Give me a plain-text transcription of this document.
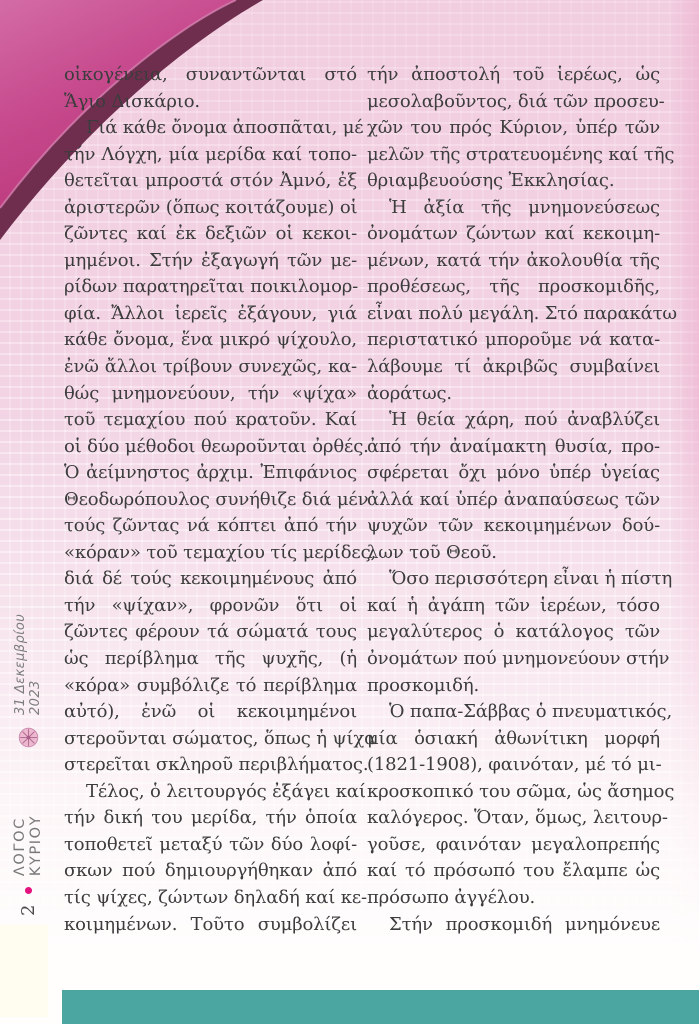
2
ΛΟΓΟC ΚΥΡΙΟΥ
31 Δεκεμβρίου 2023
οἰκογένεια, συναντῶνται στό
Ἅγιο Δισκάριο.
Γιά κάθε ὄνομα ἀποσπᾶται, μέ
τήν Λόγχη, μία μερίδα καί τοπο-
θετεῖται μπροστά στόν Ἀμνό, ἐξ
ἀριστερῶν (ὅπως κοιτάζουμε) οἱ
ζῶντες καί ἐκ δεξιῶν οἱ κεκοι-
μημένοι. Στήν ἐξαγωγή τῶν με-
ρίδων παρατηρεῖται ποικιλομορ-
φία. Ἄλλοι ἱερεῖς ἐξάγουν, γιά
κάθε ὄνομα, ἕνα μικρό ψίχουλο,
ἐνῶ ἄλλοι τρίβουν συνεχῶς, κα-
θώς μνημονεύουν, τήν «ψίχα»
τοῦ τεμαχίου πού κρατοῦν. Καί
οἱ δύο μέθοδοι θεωροῦνται ὀρθές.
Ὁ ἀείμνηστος ἀρχιμ. Ἐπιφάνιος
Θεοδωρόπουλος συνήθιζε διά μέν
τούς ζῶντας νά κόπτει ἀπό τήν
«κόραν» τοῦ τεμαχίου τίς μερίδες,
διά δέ τούς κεκοιμημένους ἀπό
τήν «ψίχαν», φρονῶν ὅτι οἱ
ζῶντες φέρουν τά σώματά τους
ὡς περίβλημα τῆς ψυχῆς, (ἡ
«κόρα» συμβόλιζε τό περίβλημα
αὐτό), ἐνῶ οἱ κεκοιμημένοι
στεροῦνται σώματος, ὅπως ἡ ψίχα
στερεῖται σκληροῦ περιβλήματος.
Τέλος, ὁ λειτουργός ἐξάγει καί
τήν δική του μερίδα, τήν ὁποία
τοποθετεῖ μεταξύ τῶν δύο λοφί-
σκων πού δημιουργήθηκαν ἀπό
τίς ψίχες, ζώντων δηλαδή καί κε-
κοιμημένων. Τοῦτο συμβολίζει
τήν ἀποστολή τοῦ ἱερέως, ὡς
μεσολαβοῦντος, διά τῶν προσευ-
χῶν του πρός Κύριον, ὑπέρ τῶν
μελῶν τῆς στρατευομένης καί τῆς
θριαμβευούσης Ἐκκλησίας.
Ἡ ἀξία τῆς μνημονεύσεως
ὀνομάτων ζώντων καί κεκοιμη-
μένων, κατά τήν ἀκολουθία τῆς
προθέσεως, τῆς προσκομιδῆς,
εἶναι πολύ μεγάλη. Στό παρακάτω
περιστατικό μποροῦμε νά κατα-
λάβουμε τί ἀκριβῶς συμβαίνει
ἀοράτως.
Ἡ θεία χάρη, πού ἀναβλύζει
ἀπό τήν ἀναίμακτη θυσία, προ-
σφέρεται ὄχι μόνο ὑπέρ ὑγείας
ἀλλά καί ὑπέρ ἀναπαύσεως τῶν
ψυχῶν τῶν κεκοιμημένων δού-
λων τοῦ Θεοῦ.
Ὅσο περισσότερη εἶναι ἡ πίστη
καί ἡ ἀγάπη τῶν ἱερέων, τόσο
μεγαλύτερος ὁ κατάλογος τῶν
ὀνομάτων πού μνημονεύουν στήν
προσκομιδή.
Ὁ παπα-Σάββας ὁ πνευματικός,
μία ὁσιακή ἀθωνίτικη μορφή
(1821-1908), φαινόταν, μέ τό μι-
κροσκοπικό του σῶμα, ὡς ἄσημος
καλόγερος. Ὅταν, ὅμως, λειτουρ-
γοῦσε, φαινόταν μεγαλοπρεπής
καί τό πρόσωπό του ἔλαμπε ὡς
πρόσωπο ἀγγέλου.
Στήν προσκομιδή μνημόνευε
